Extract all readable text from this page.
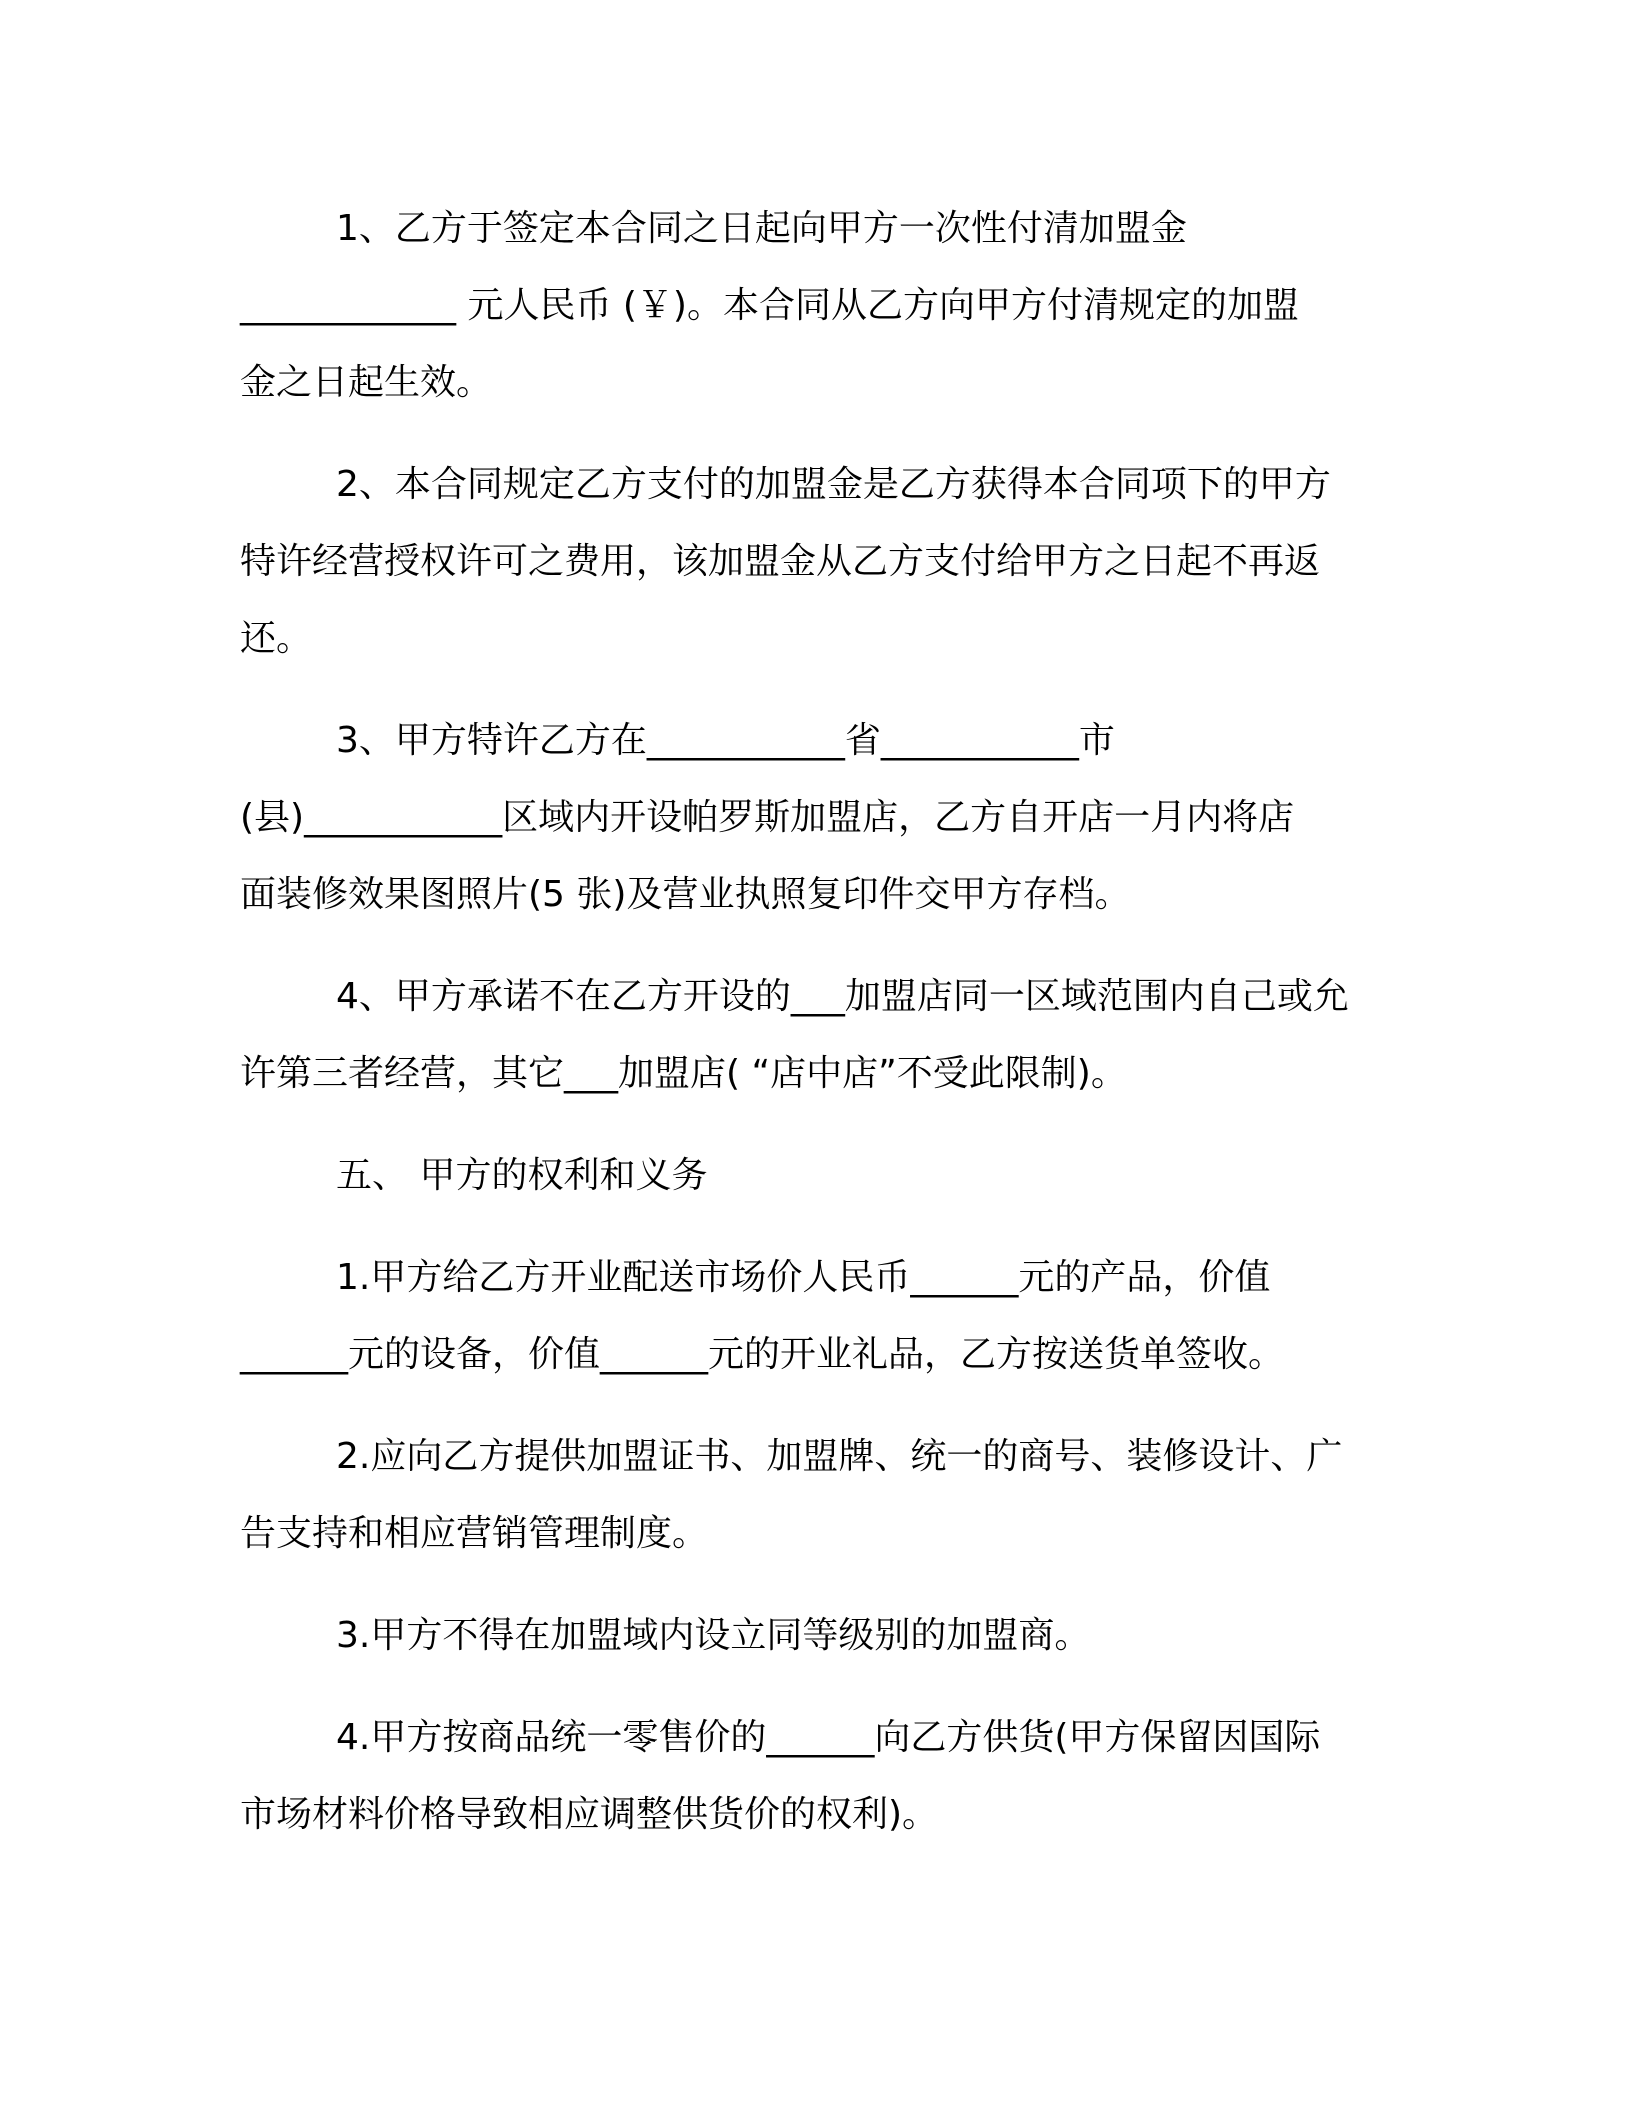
1、乙方于签定本合同之日起向甲方一次性付清加盟金
____________ 元人民币 (￥)。本合同从乙方向甲方付清规定的加盟
金之日起生效。
2、本合同规定乙方支付的加盟金是乙方获得本合同项下的甲方
特许经营授权许可之费用，该加盟金从乙方支付给甲方之日起不再返
还。
3、甲方特许乙方在___________省___________市
(县)___________区域内开设帕罗斯加盟店，乙方自开店一月内将店
面装修效果图照片(5 张)及营业执照复印件交甲方存档。
4、甲方承诺不在乙方开设的___加盟店同一区域范围内自己或允
许第三者经营，其它___加盟店( “店中店”不受此限制)。
五、 甲方的权利和义务
1.甲方给乙方开业配送市场价人民币______元的产品，价值
______元的设备，价值______元的开业礼品，乙方按送货单签收。
2.应向乙方提供加盟证书、加盟牌、统一的商号、装修设计、广
告支持和相应营销管理制度。
3.甲方不得在加盟域内设立同等级别的加盟商。
4.甲方按商品统一零售价的______向乙方供货(甲方保留因国际
市场材料价格导致相应调整供货价的权利)。
